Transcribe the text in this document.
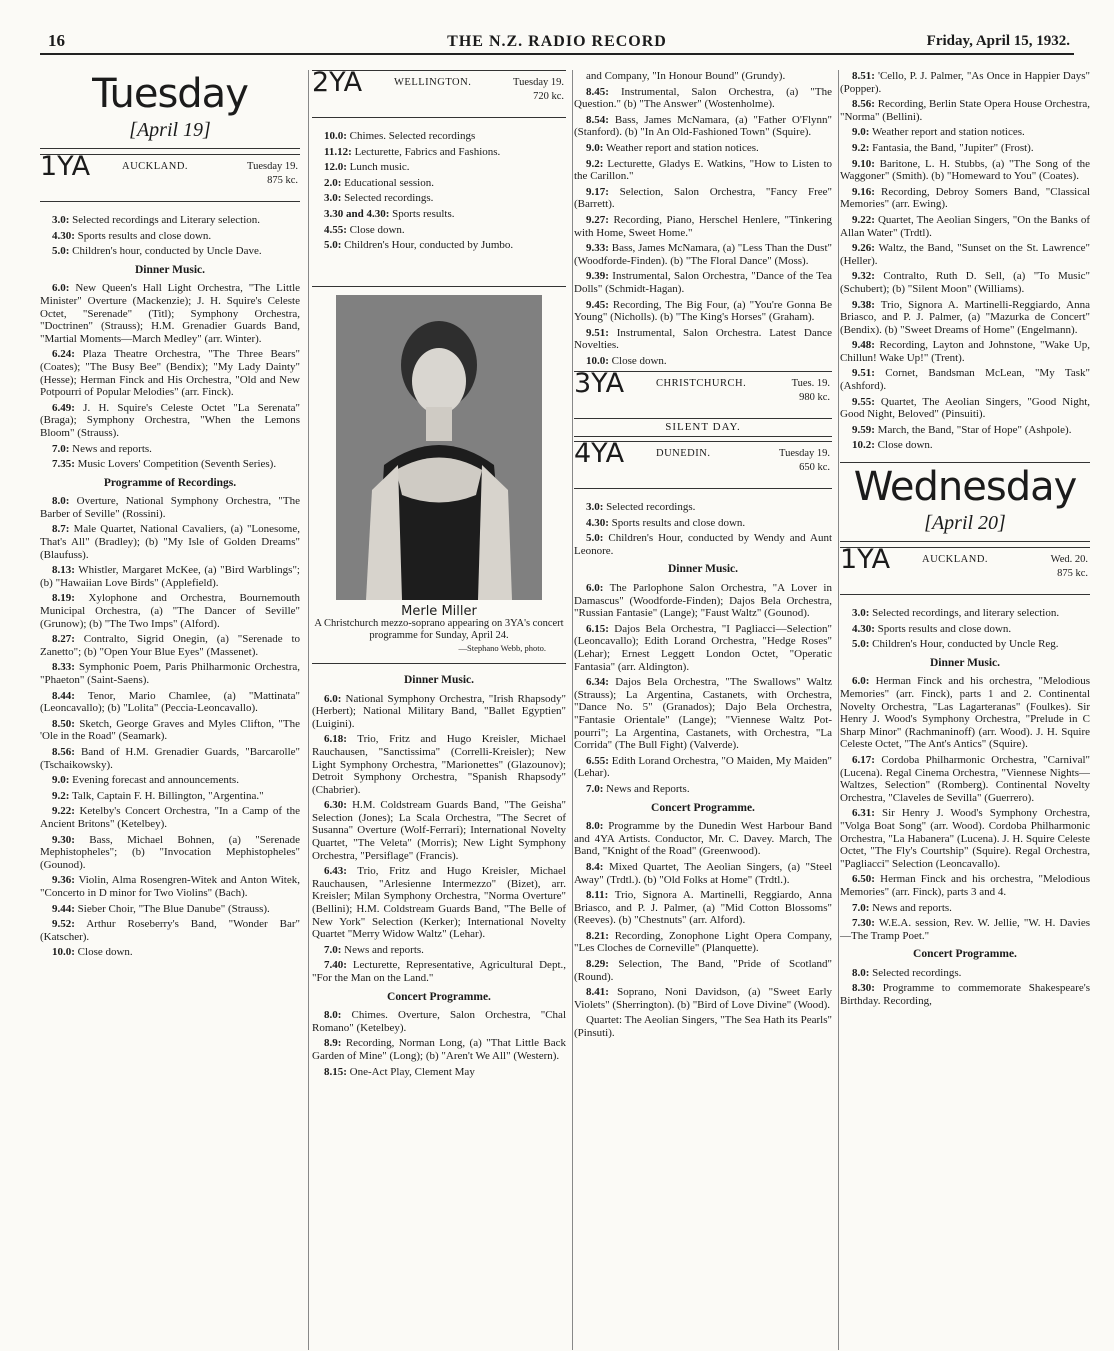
16	THE N.Z. RADIO RECORD	Friday, April 15, 1932.
Tuesday
[April 19]
1YA	AUCKLAND.	Tuesday 19.
875 kc.

3.0: Selected recordings and Literary selection.

4.30: Sports results and close down.

5.0: Children's hour, conducted by Uncle Dave.

Dinner Music.

6.0: New Queen's Hall Light Orchestra, "The Little Minister" Overture (Mackenzie); J. H. Squire's Celeste Octet, "Serenade" (Titl); Symphony Orchestra, "Doctrinen" (Strauss); H.M. Grenadier Guards Band, "Martial Moments—March Medley" (arr. Winter).

6.24: Plaza Theatre Orchestra, "The Three Bears" (Coates); "The Busy Bee" (Bendix); "My Lady Dainty" (Hesse); Herman Finck and His Orchestra, "Old and New Potpourri of Popular Melodies" (arr. Finck).

6.49: J. H. Squire's Celeste Octet "La Serenata" (Braga); Symphony Orchestra, "When the Lemons Bloom" (Strauss).

7.0: News and reports.

7.35: Music Lovers' Competition (Seventh Series).

Programme of Recordings.

8.0: Overture, National Symphony Orchestra, "The Barber of Seville" (Rossini).

8.7: Male Quartet, National Cavaliers, (a) "Lonesome, That's All" (Bradley); (b) "My Isle of Golden Dreams" (Blaufuss).

8.13: Whistler, Margaret McKee, (a) "Bird Warblings"; (b) "Hawaiian Love Birds" (Applefield).

8.19: Xylophone and Orchestra, Bournemouth Municipal Orchestra, (a) "The Dancer of Seville" (Grunow); (b) "The Two Imps" (Alford).

8.27: Contralto, Sigrid Onegin, (a) "Serenade to Zanetto"; (b) "Open Your Blue Eyes" (Massenet).

8.33: Symphonic Poem, Paris Philharmonic Orchestra, "Phaeton" (Saint-Saens).

8.44: Tenor, Mario Chamlee, (a) "Mattinata" (Leoncavallo); (b) "Lolita" (Peccia-Leoncavallo).

8.50: Sketch, George Graves and Myles Clifton, "The 'Ole in the Road" (Seamark).

8.56: Band of H.M. Grenadier Guards, "Barcarolle" (Tschaikowsky).

9.0: Evening forecast and announcements.

9.2: Talk, Captain F. H. Billington, "Argentina."

9.22: Ketelby's Concert Orchestra, "In a Camp of the Ancient Britons" (Ketelbey).

9.30: Bass, Michael Bohnen, (a) "Serenade Mephistopheles"; (b) "Invocation Mephistopheles" (Gounod).

9.36: Violin, Alma Rosengren-Witek and Anton Witek, "Concerto in D minor for Two Violins" (Bach).

9.44: Sieber Choir, "The Blue Danube" (Strauss).

9.52: Arthur Roseberry's Band, "Wonder Bar" (Katscher).

10.0: Close down.

2YA	WELLINGTON.	Tuesday 19.
720 kc.

10.0: Chimes. Selected recordings

11.12: Lecturette, Fabrics and Fashions.

12.0: Lunch music.

2.0: Educational session.

3.0: Selected recordings.

3.30 and 4.30: Sports results.

4.55: Close down.

5.0: Children's Hour, conducted by Jumbo.

Merle Miller
A Christchurch mezzo-soprano appearing on 3YA's concert programme for Sunday, April 24.
—Stephano Webb, photo.
Dinner Music.

6.0: National Symphony Orchestra, "Irish Rhapsody" (Herbert); National Military Band, "Ballet Egyptien" (Luigini).

6.18: Trio, Fritz and Hugo Kreisler, Michael Rauchausen, "Sanctissima" (Correlli-Kreisler); New Light Symphony Orchestra, "Marionettes" (Glazounov); Detroit Symphony Orchestra, "Spanish Rhapsody" (Chabrier).

6.30: H.M. Coldstream Guards Band, "The Geisha" Selection (Jones); La Scala Orchestra, "The Secret of Susanna" Overture (Wolf-Ferrari); International Novelty Quartet, "The Veleta" (Morris); New Light Symphony Orchestra, "Persiflage" (Francis).

6.43: Trio, Fritz and Hugo Kreisler, Michael Rauchausen, "Arlesienne Intermezzo" (Bizet), arr. Kreisler; Milan Symphony Orchestra, "Norma Overture" (Bellini); H.M. Coldstream Guards Band, "The Belle of New York" Selection (Kerker); International Novelty Quartet "Merry Widow Waltz" (Lehar).

7.0: News and reports.

7.40: Lecturette, Representative, Agricultural Dept., "For the Man on the Land."

Concert Programme.

8.0: Chimes. Overture, Salon Orchestra, "Chal Romano" (Ketelbey).

8.9: Recording, Norman Long, (a) "That Little Back Garden of Mine" (Long); (b) "Aren't We All" (Western).

8.15: One-Act Play, Clement May

and Company, "In Honour Bound" (Grundy).

8.45: Instrumental, Salon Orchestra, (a) "The Question." (b) "The Answer" (Wostenholme).

8.54: Bass, James McNamara, (a) "Father O'Flynn" (Stanford). (b) "In An Old-Fashioned Town" (Squire).

9.0: Weather report and station notices.

9.2: Lecturette, Gladys E. Watkins, "How to Listen to the Carillon."

9.17: Selection, Salon Orchestra, "Fancy Free" (Barrett).

9.27: Recording, Piano, Herschel Henlere, "Tinkering with Home, Sweet Home."

9.33: Bass, James McNamara, (a) "Less Than the Dust" (Woodforde-Finden). (b) "The Floral Dance" (Moss).

9.39: Instrumental, Salon Orchestra, "Dance of the Tea Dolls" (Schmidt-Hagan).

9.45: Recording, The Big Four, (a) "You're Gonna Be Young" (Nicholls). (b) "The King's Horses" (Graham).

9.51: Instrumental, Salon Orchestra. Latest Dance Novelties.

10.0: Close down.

3YA	CHRISTCHURCH.	Tues. 19.
980 kc.
SILENT DAY.
4YA	DUNEDIN.	Tuesday 19.
650 kc.

3.0: Selected recordings.

4.30: Sports results and close down.

5.0: Children's Hour, conducted by Wendy and Aunt Leonore.

Dinner Music.

6.0: The Parlophone Salon Orchestra, "A Lover in Damascus" (Woodforde-Finden); Dajos Bela Orchestra, "Russian Fantasie" (Lange); "Faust Waltz" (Gounod).

6.15: Dajos Bela Orchestra, "I Pagliacci—Selection" (Leoncavallo); Edith Lorand Orchestra, "Hedge Roses" (Lehar); Ernest Leggett London Octet, "Operatic Fantasia" (arr. Aldington).

6.34: Dajos Bela Orchestra, "The Swallows" Waltz (Strauss); La Argentina, Castanets, with Orchestra, "Dance No. 5" (Granados); Dajo Bela Orchestra, "Fantasie Orientale" (Lange); "Viennese Waltz Pot-pourri"; La Argentina, Castanets, with Orchestra, "La Corrida" (The Bull Fight) (Valverde).

6.55: Edith Lorand Orchestra, "O Maiden, My Maiden" (Lehar).

7.0: News and Reports.

Concert Programme.

8.0: Programme by the Dunedin West Harbour Band and 4YA Artists. Conductor, Mr. C. Davey. March, The Band, "Knight of the Road" (Greenwood).

8.4: Mixed Quartet, The Aeolian Singers, (a) "Steel Away" (Trdtl.). (b) "Old Folks at Home" (Trdtl.).

8.11: Trio, Signora A. Martinelli, Reggiardo, Anna Briasco, and P. J. Palmer, (a) "Mid Cotton Blossoms" (Reeves). (b) "Chestnuts" (arr. Alford).

8.21: Recording, Zonophone Light Opera Company, "Les Cloches de Corneville" (Planquette).

8.29: Selection, The Band, "Pride of Scotland" (Round).

8.41: Soprano, Noni Davidson, (a) "Sweet Early Violets" (Sherrington). (b) "Bird of Love Divine" (Wood).

Quartet: The Aeolian Singers, "The Sea Hath its Pearls" (Pinsuti).

8.51: 'Cello, P. J. Palmer, "As Once in Happier Days" (Popper).

8.56: Recording, Berlin State Opera House Orchestra, "Norma" (Bellini).

9.0: Weather report and station notices.

9.2: Fantasia, the Band, "Jupiter" (Frost).

9.10: Baritone, L. H. Stubbs, (a) "The Song of the Waggoner" (Smith). (b) "Homeward to You" (Coates).

9.16: Recording, Debroy Somers Band, "Classical Memories" (arr. Ewing).

9.22: Quartet, The Aeolian Singers, "On the Banks of Allan Water" (Trdtl).

9.26: Waltz, the Band, "Sunset on the St. Lawrence" (Heller).

9.32: Contralto, Ruth D. Sell, (a) "To Music" (Schubert); (b) "Silent Moon" (Williams).

9.38: Trio, Signora A. Martinelli-Reggiardo, Anna Briasco, and P. J. Palmer, (a) "Mazurka de Concert" (Bendix). (b) "Sweet Dreams of Home" (Engelmann).

9.48: Recording, Layton and Johnstone, "Wake Up, Chillun! Wake Up!" (Trent).

9.51: Cornet, Bandsman McLean, "My Task" (Ashford).

9.55: Quartet, The Aeolian Singers, "Good Night, Good Night, Beloved" (Pinsuiti).

9.59: March, the Band, "Star of Hope" (Ashpole).

10.2: Close down.

Wednesday
[April 20]
1YA	AUCKLAND.	Wed. 20.
875 kc.

3.0: Selected recordings, and literary selection.

4.30: Sports results and close down.

5.0: Children's Hour, conducted by Uncle Reg.

Dinner Music.

6.0: Herman Finck and his orchestra, "Melodious Memories" (arr. Finck), parts 1 and 2. Continental Novelty Orchestra, "Las Lagarteranas" (Foulkes). Sir Henry J. Wood's Symphony Orchestra, "Prelude in C Sharp Minor" (Rachmaninoff) (arr. Wood). J. H. Squire Celeste Octet, "The Ant's Antics" (Squire).

6.17: Cordoba Philharmonic Orchestra, "Carnival" (Lucena). Regal Cinema Orchestra, "Viennese Nights—Waltzes, Selection" (Romberg). Continental Novelty Orchestra, "Claveles de Sevilla" (Guerrero).

6.31: Sir Henry J. Wood's Symphony Orchestra, "Volga Boat Song" (arr. Wood). Cordoba Philharmonic Orchestra, "La Habanera" (Lucena). J. H. Squire Celeste Octet, "The Fly's Courtship" (Squire). Regal Orchestra, "Pagliacci" Selection (Leoncavallo).

6.50: Herman Finck and his orchestra, "Melodious Memories" (arr. Finck), parts 3 and 4.

7.0: News and reports.

7.30: W.E.A. session, Rev. W. Jellie, "W. H. Davies—The Tramp Poet."

Concert Programme.

8.0: Selected recordings.

8.30: Programme to commemorate Shakespeare's Birthday. Recording,
